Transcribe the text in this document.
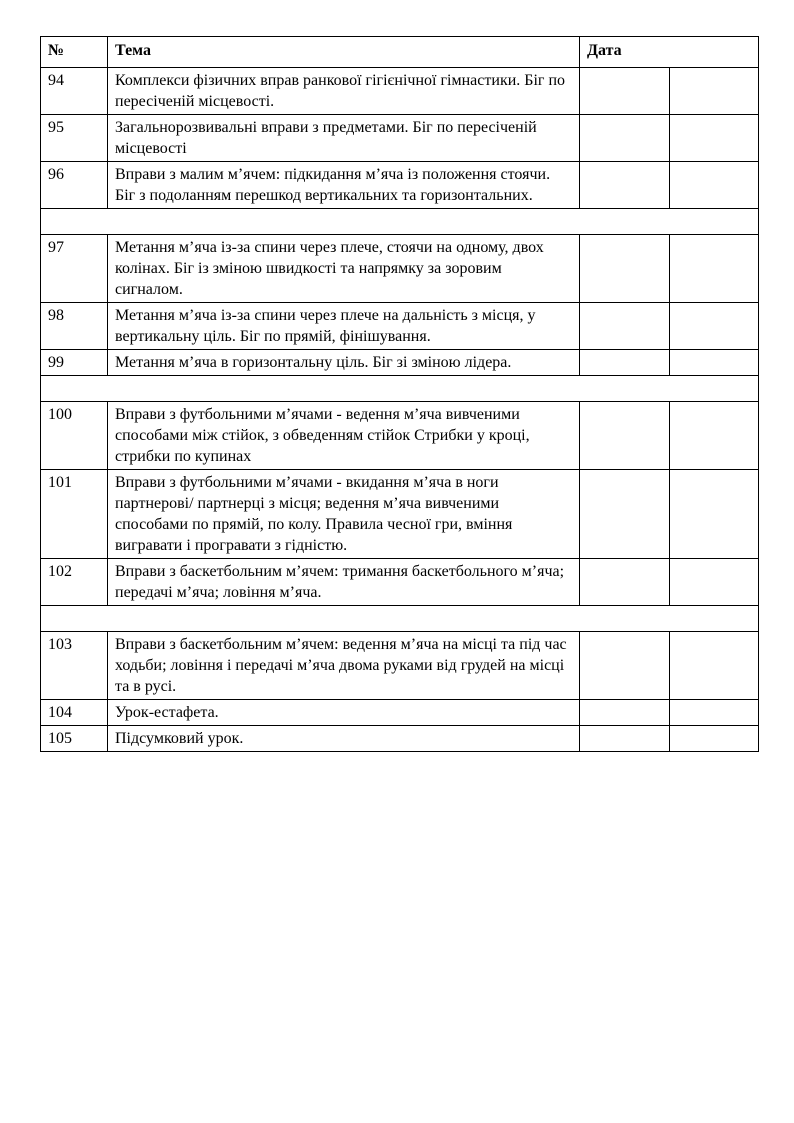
№	Тема	Дата	
94	Комплекси фізичних вправ ранкової гігієнічної гімнастики. Біг по пересіченій місцевості.		
95	Загальнорозвивальні вправи з предметами. Біг по пересіченій місцевості		
96	Вправи з малим м’ячем: підкидання м’яча із положення стоячи. Біг з подоланням перешкод вертикальних та горизонтальних.		

97	Метання м’яча із-за спини через плече, стоячи на одному, двох колінах. Біг із зміною швидкості та напрямку за зоровим сигналом.		
98	Метання м’яча із-за спини через плече на дальність з місця, у вертикальну ціль. Біг по прямій, фінішування.		
99	Метання м’яча в горизонтальну ціль. Біг зі зміною лідера.		

100	Вправи з футбольними м’ячами - ведення м’яча вивченими способами між стійок, з обведенням стійок Стрибки у кроці, стрибки по купинах		
101	Вправи з футбольними м’ячами - вкидання м’яча в ноги партнерові/ партнерці з місця; ведення м’яча вивченими способами по прямій, по колу. Правила чесної гри, вміння вигравати і програвати з гідністю.		
102	Вправи з баскетбольним м’ячем: тримання баскетбольного м’яча; передачі м’яча; ловіння м’яча.		

103	Вправи з баскетбольним м’ячем: ведення м’яча на місці та під час ходьби; ловіння і передачі м’яча двома руками від грудей на місці та в русі.		
104	Урок-естафета.		
105	Підсумковий урок.		
